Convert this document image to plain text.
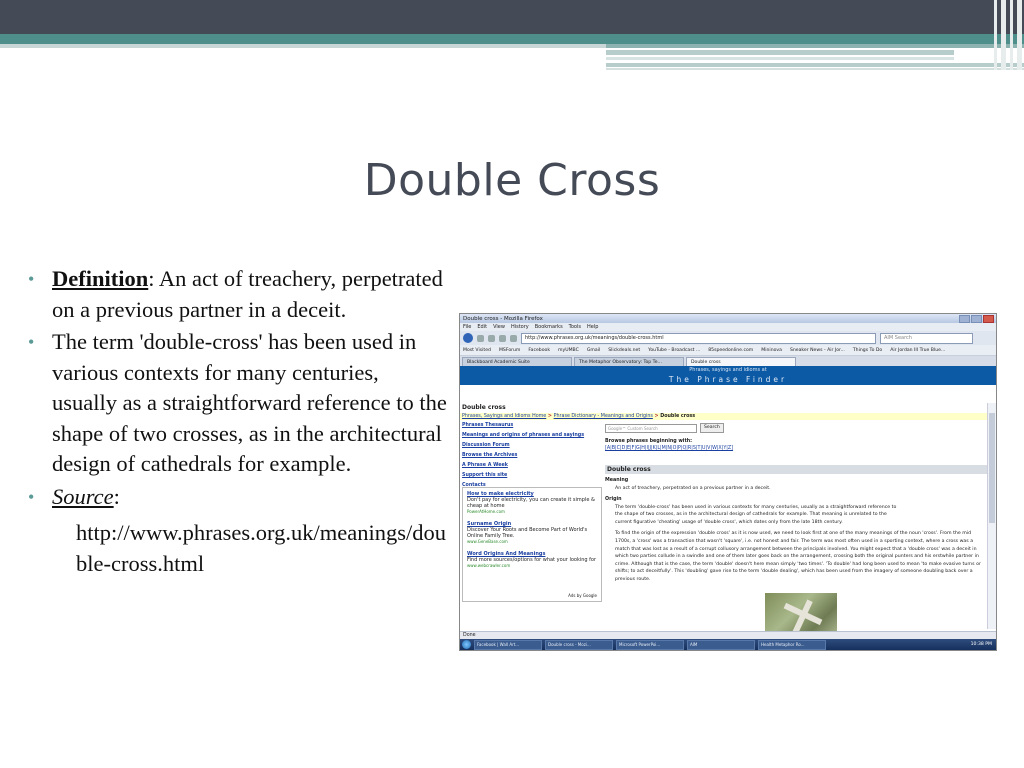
Double Cross
• Definition: An act of treachery, perpetrated on a previous partner in a deceit.
• The term 'double-cross' has been used in various contexts for many centuries, usually as a straightforward reference to the shape of two crosses, as in the architectural design of cathedrals for example.
• Source:
http://www.phrases.org.uk/meanings/double-cross.html
Double cross - Mozilla Firefox
File Edit View History Bookmarks Tools Help
http://www.phrases.org.uk/meanings/double-cross.html	AIM Search
Most Visited MSForum Facebook myUMBC Gmail Slickdeals.net YouTube - Broadcast ... 85speedonline.com Mininova Sneaker News - Air Jor... Things To Do Air Jordan III True Blue...
Blackboard Academic Suite	The Metaphor Observatory: Top Te...	Double cross
Phrases, sayings and idioms at
The Phrase Finder
Double cross
Phrases, Sayings and Idioms Home > Phrase Dictionary - Meanings and Origins > Double cross
Phrases Thesaurus
Meanings and origins of phrases and sayings
Discussion Forum
Browse the Archives
A Phrase A Week
Support this site
Contacts
How to make electricity
Don't pay for electricity, you can create it simple & cheap at home
PowerAtHome.com
Surname Origin
Discover Your Roots and Become Part of World's Online Family Tree.
www.GeneBase.com
Word Origins And Meanings
Find more sources/options for what your looking for
www.webcrawler.com
Ads by Google
Google™ Custom Search	Search
Browse phrases beginning with:
[A|B|C|D|E|F|G|H|I|J|K|L|M|N|O|P|Q|R|S|T|U|V|W|X|Y|Z]
Double cross
Meaning
An act of treachery, perpetrated on a previous partner in a deceit.
Origin
The term 'double-cross' has been used in various contexts for many centuries, usually as a straightforward reference to the shape of two crosses, as in the architectural design of cathedrals for example. That meaning is unrelated to the current figurative 'cheating' usage of 'double cross', which dates only from the late 18th century.
To find the origin of the expression 'double cross' as it is now used, we need to look first at one of the many meanings of the noun 'cross'. From the mid 1700s, a 'cross' was a transaction that wasn't 'square', i.e. not honest and fair. The term was most often used in a sporting context, where a cross was a match that was lost as a result of a corrupt collusory arrangement between the principals involved. You might expect that a 'double cross' was a deceit in which two parties collude in a swindle and one of them later goes back on the arrangement, crossing both the original punters and his erstwhile partner in crime. Although that is the case, the term 'double' doesn't here mean simply 'two times'. 'To double' had long been used to mean 'to make evasive turns or shifts; to act deceitfully'. This 'doubling' gave rise to the term 'double dealing', which has been used from the imagery of someone doubling back over a previous route.
Done
Facebook | Wall Art...	Double cross - Mozi...	Microsoft PowerPoi...	AIM	Health Metaphor Ro...	10:38 PM
